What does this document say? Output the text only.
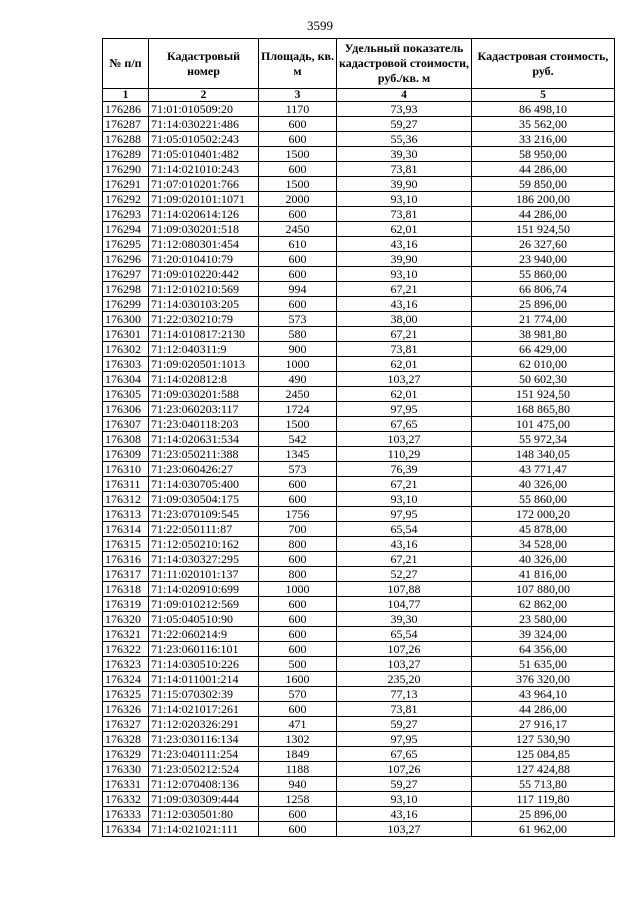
3599
№ п/п	Кадастровый номер	Площадь, кв. м	Удельный показатель кадастровой стоимости, руб./кв. м	Кадастровая стоимость, руб.
1	2	3	4	5
176286	71:01:010509:20	1170	73,93	86 498,10
176287	71:14:030221:486	600	59,27	35 562,00
176288	71:05:010502:243	600	55,36	33 216,00
176289	71:05:010401:482	1500	39,30	58 950,00
176290	71:14:021010:243	600	73,81	44 286,00
176291	71:07:010201:766	1500	39,90	59 850,00
176292	71:09:020101:1071	2000	93,10	186 200,00
176293	71:14:020614:126	600	73,81	44 286,00
176294	71:09:030201:518	2450	62,01	151 924,50
176295	71:12:080301:454	610	43,16	26 327,60
176296	71:20:010410:79	600	39,90	23 940,00
176297	71:09:010220:442	600	93,10	55 860,00
176298	71:12:010210:569	994	67,21	66 806,74
176299	71:14:030103:205	600	43,16	25 896,00
176300	71:22:030210:79	573	38,00	21 774,00
176301	71:14:010817:2130	580	67,21	38 981,80
176302	71:12:040311:9	900	73,81	66 429,00
176303	71:09:020501:1013	1000	62,01	62 010,00
176304	71:14:020812:8	490	103,27	50 602,30
176305	71:09:030201:588	2450	62,01	151 924,50
176306	71:23:060203:117	1724	97,95	168 865,80
176307	71:23:040118:203	1500	67,65	101 475,00
176308	71:14:020631:534	542	103,27	55 972,34
176309	71:23:050211:388	1345	110,29	148 340,05
176310	71:23:060426:27	573	76,39	43 771,47
176311	71:14:030705:400	600	67,21	40 326,00
176312	71:09:030504:175	600	93,10	55 860,00
176313	71:23:070109:545	1756	97,95	172 000,20
176314	71:22:050111:87	700	65,54	45 878,00
176315	71:12:050210:162	800	43,16	34 528,00
176316	71:14:030327:295	600	67,21	40 326,00
176317	71:11:020101:137	800	52,27	41 816,00
176318	71:14:020910:699	1000	107,88	107 880,00
176319	71:09:010212:569	600	104,77	62 862,00
176320	71:05:040510:90	600	39,30	23 580,00
176321	71:22:060214:9	600	65,54	39 324,00
176322	71:23:060116:101	600	107,26	64 356,00
176323	71:14:030510:226	500	103,27	51 635,00
176324	71:14:011001:214	1600	235,20	376 320,00
176325	71:15:070302:39	570	77,13	43 964,10
176326	71:14:021017:261	600	73,81	44 286,00
176327	71:12:020326:291	471	59,27	27 916,17
176328	71:23:030116:134	1302	97,95	127 530,90
176329	71:23:040111:254	1849	67,65	125 084,85
176330	71:23:050212:524	1188	107,26	127 424,88
176331	71:12:070408:136	940	59,27	55 713,80
176332	71:09:030309:444	1258	93,10	117 119,80
176333	71:12:030501:80	600	43,16	25 896,00
176334	71:14:021021:111	600	103,27	61 962,00
